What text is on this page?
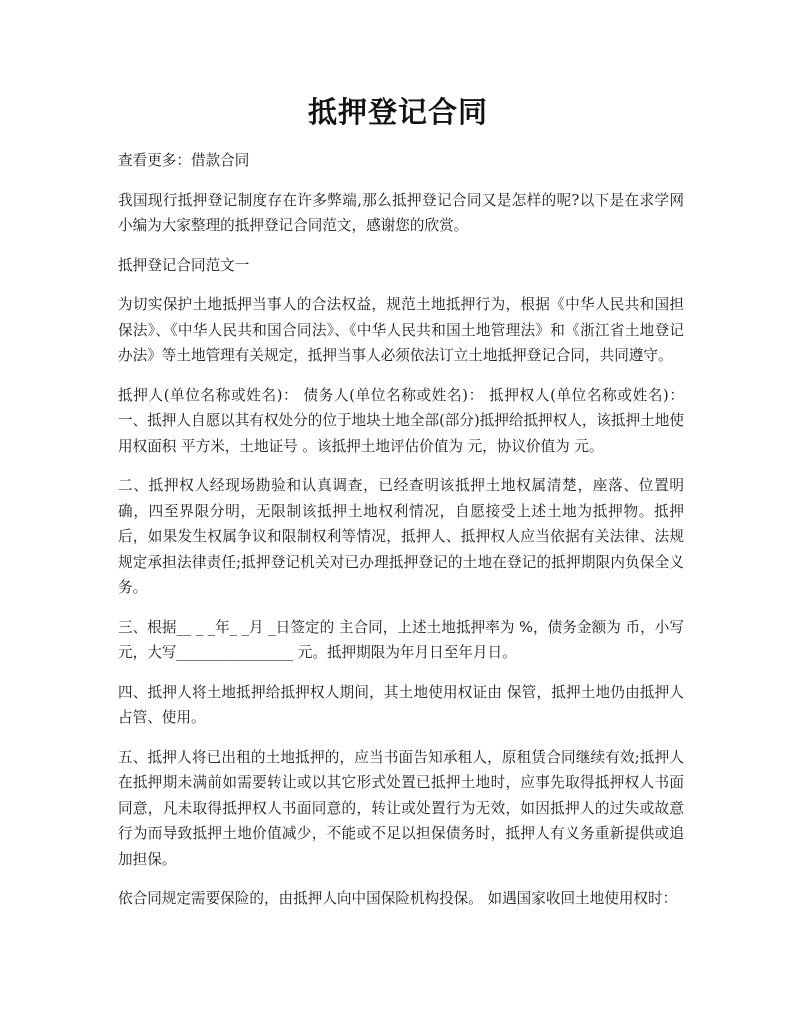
抵押登记合同

查看更多：借款合同

我国现行抵押登记制度存在许多弊端,那么抵押登记合同又是怎样的呢?以下是在求学网小编为大家整理的抵押登记合同范文，感谢您的欣赏。

抵押登记合同范文一

为切实保护土地抵押当事人的合法权益，规范土地抵押行为，根据《中华人民共和国担保法》、《中华人民共和国合同法》、《中华人民共和国土地管理法》和《浙江省土地登记办法》等土地管理有关规定，抵押当事人必须依法订立土地抵押登记合同，共同遵守。

抵押人(单位名称或姓名)： 债务人(单位名称或姓名)： 抵押权人(单位名称或姓名)： 一、抵押人自愿以其有权处分的位于地块土地全部(部分)抵押给抵押权人，该抵押土地使用权面积 平方米，土地证号 。该抵押土地评估价值为 元，协议价值为 元。

二、抵押权人经现场勘验和认真调查，已经查明该抵押土地权属清楚，座落、位置明确，四至界限分明，无限制该抵押土地权利情况，自愿接受上述土地为抵押物。抵押后，如果发生权属争议和限制权利等情况，抵押人、抵押权人应当依据有关法律、法规规定承担法律责任;抵押登记机关对已办理抵押登记的土地在登记的抵押期限内负保全义务。

三、根据__ _ _年_ _月 _日签定的 主合同，上述土地抵押率为 %，债务金额为 币，小写 元，大写________________ 元。抵押期限为年月日至年月日。

四、抵押人将土地抵押给抵押权人期间，其土地使用权证由 保管，抵押土地仍由抵押人占管、使用。

五、抵押人将已出租的土地抵押的，应当书面告知承租人，原租赁合同继续有效;抵押人在抵押期未满前如需要转让或以其它形式处置已抵押土地时，应事先取得抵押权人书面同意，凡未取得抵押权人书面同意的，转让或处置行为无效，如因抵押人的过失或故意行为而导致抵押土地价值减少，不能或不足以担保债务时，抵押人有义务重新提供或追加担保。

依合同规定需要保险的，由抵押人向中国保险机构投保。 如遇国家收回土地使用权时：
